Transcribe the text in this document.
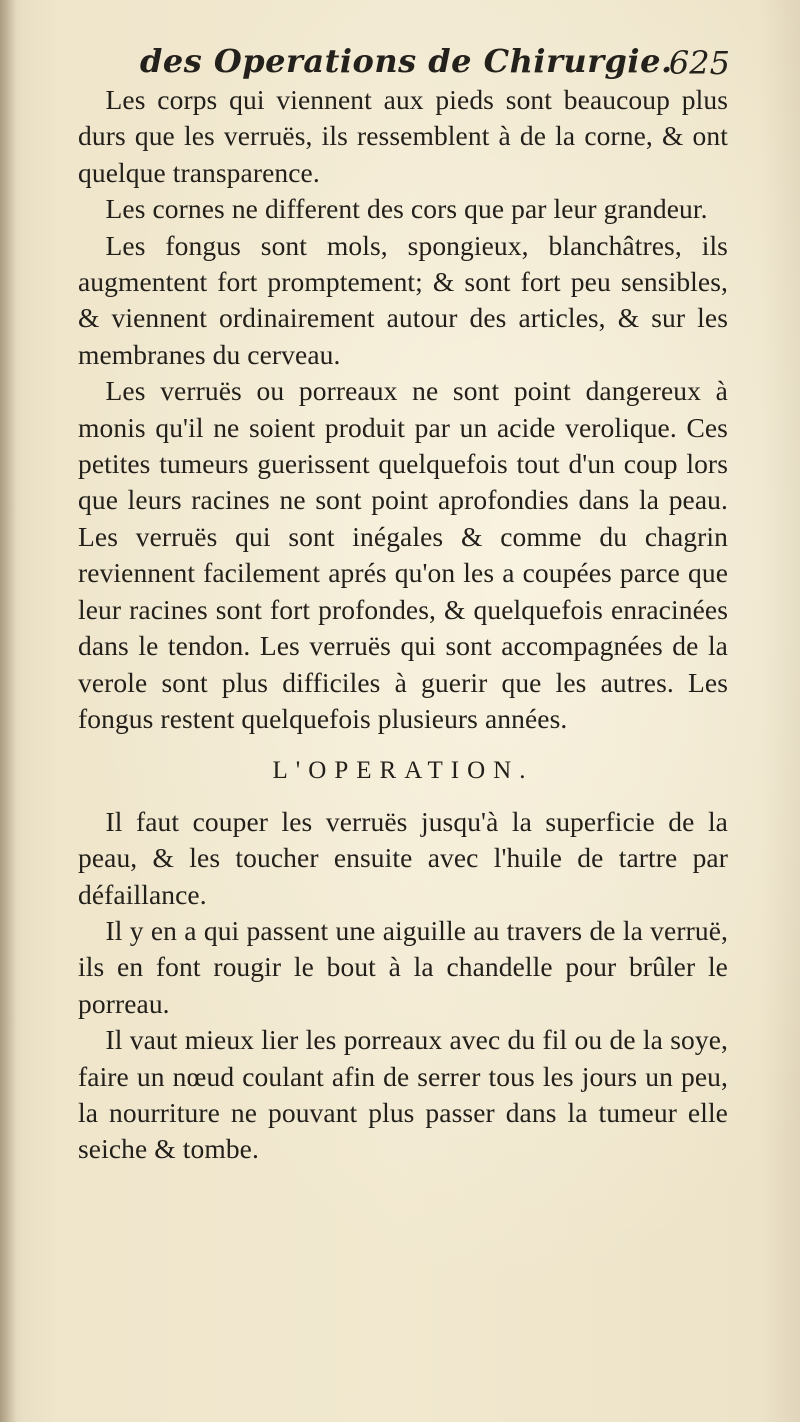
des Operations de Chirurgie.
625

Les corps qui viennent aux pieds sont beaucoup plus durs que les verruës, ils ressemblent à de la corne, & ont quelque transparence.

Les cornes ne different des cors que par leur grandeur.

Les fongus sont mols, spongieux, blanchâtres, ils augmentent fort promptement; & sont fort peu sensibles, & viennent ordinairement autour des articles, & sur les membranes du cerveau.

Les verruës ou porreaux ne sont point dangereux à monis qu'il ne soient produit par un acide verolique. Ces petites tumeurs guerissent quelquefois tout d'un coup lors que leurs racines ne sont point aprofondies dans la peau. Les verruës qui sont inégales & comme du chagrin reviennent facilement aprés qu'on les a coupées parce que leur racines sont fort profondes, & quelquefois enracinées dans le tendon. Les verruës qui sont accompagnées de la verole sont plus difficiles à guerir que les autres. Les fongus restent quelquefois plusieurs années.

L'OPERATION.

Il faut couper les verruës jusqu'à la superficie de la peau, & les toucher ensuite avec l'huile de tartre par défaillance.

Il y en a qui passent une aiguille au travers de la verruë, ils en font rougir le bout à la chandelle pour brûler le porreau.

Il vaut mieux lier les porreaux avec du fil ou de la soye, faire un nœud coulant afin de serrer tous les jours un peu, la nourriture ne pouvant plus passer dans la tumeur elle seiche & tombe.
